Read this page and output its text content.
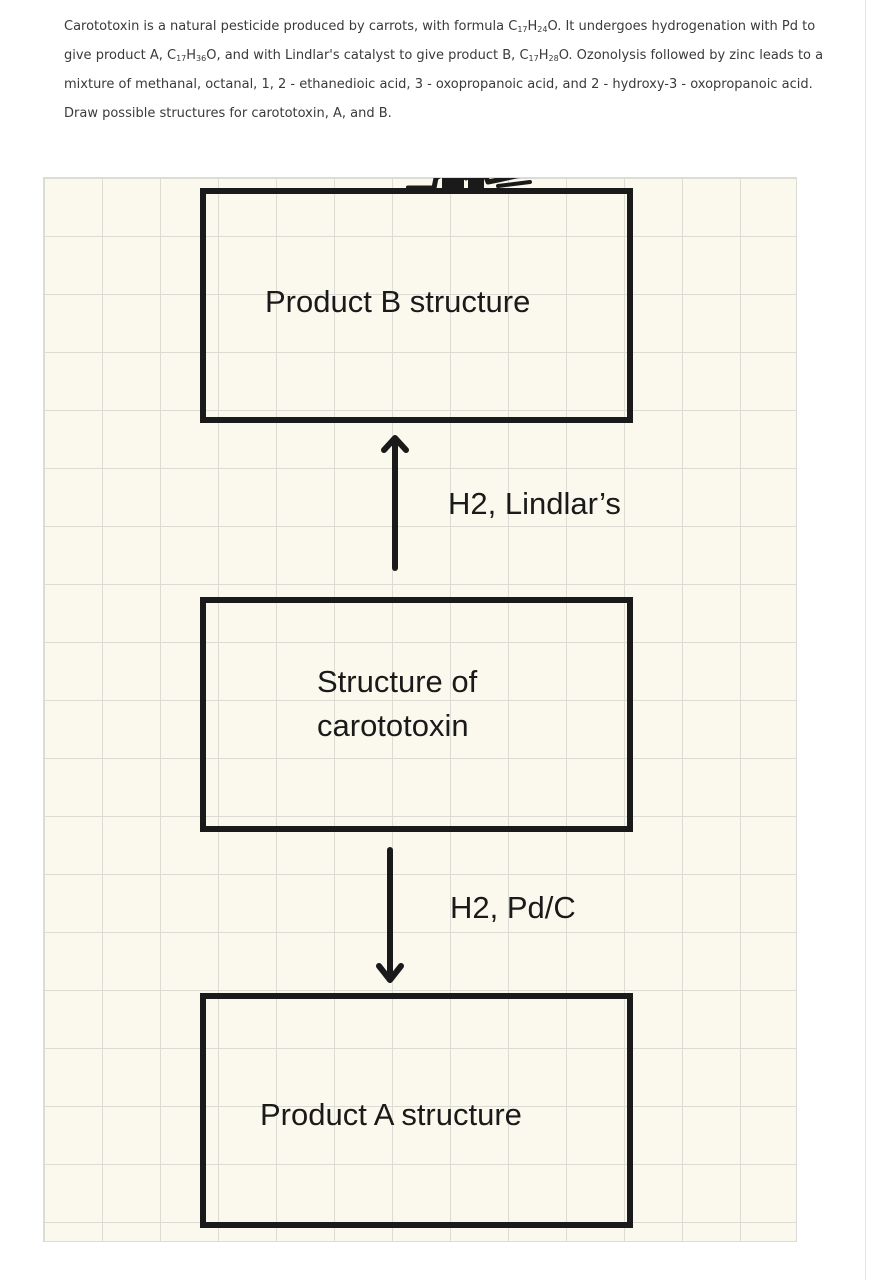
Carototoxin is a natural pesticide produced by carrots, with formula $C_{17}H_{24}O$. It undergoes hydrogenation with Pd to give product A, $C_{17}H_{36}O$, and with Lindlar's catalyst to give product B, $C_{17}H_{28}O$. Ozonolysis followed by zinc leads to a mixture of methanal, octanal, 1, 2 - ethanedioic acid, 3 - oxopropanoic acid, and 2 - hydroxy-3 - oxopropanoic acid. Draw possible structures for carototoxin, A, and B.
Product B structure
H2, Lindlar’s
Structure of
carototoxin
H2, Pd/C
Product A structure
